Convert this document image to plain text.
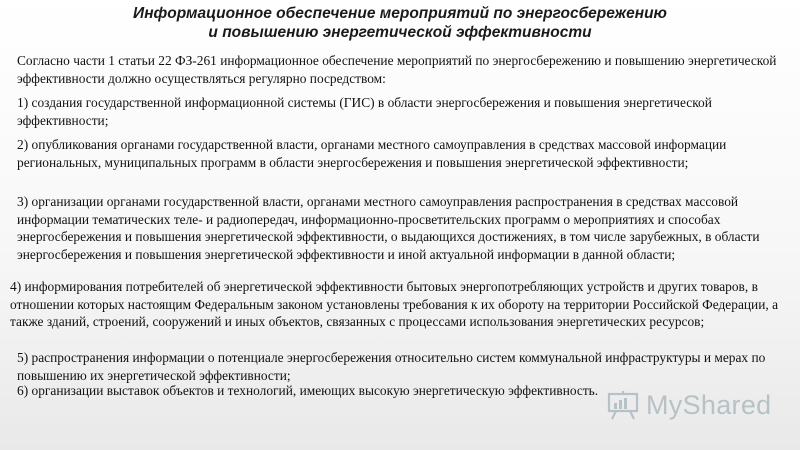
Информационное обеспечение мероприятий по энергосбережению
и повышению энергетической эффективности
Согласно части 1 статьи 22 ФЗ-261 информационное обеспечение мероприятий по энергосбережению и повышению энергетической эффективности должно осуществляться регулярно посредством:
1) создания государственной информационной системы (ГИС) в области энергосбережения и повышения энергетической эффективности;
2) опубликования органами государственной власти, органами местного самоуправления в средствах массовой информации региональных, муниципальных программ в области энергосбережения и повышения энергетической эффективности;
3) организации органами государственной власти, органами местного самоуправления распространения в средствах массовой информации тематических теле- и радиопередач, информационно-просветительских программ о мероприятиях и способах энергосбережения и повышения энергетической эффективности, о выдающихся достижениях, в том числе зарубежных, в области энергосбережения и повышения энергетической эффективности и иной актуальной информации в данной области;
4) информирования потребителей об энергетической эффективности бытовых энергопотребляющих устройств и других товаров, в отношении которых настоящим Федеральным законом установлены требования к их обороту на территории Российской Федерации, а также зданий, строений, сооружений и иных объектов, связанных с процессами использования энергетических ресурсов;
5) распространения информации о потенциале энергосбережения относительно систем коммунальной инфраструктуры и мерах по повышению их энергетической эффективности;
6) организации выставок объектов и технологий, имеющих высокую энергетическую эффективность.	MyShared
